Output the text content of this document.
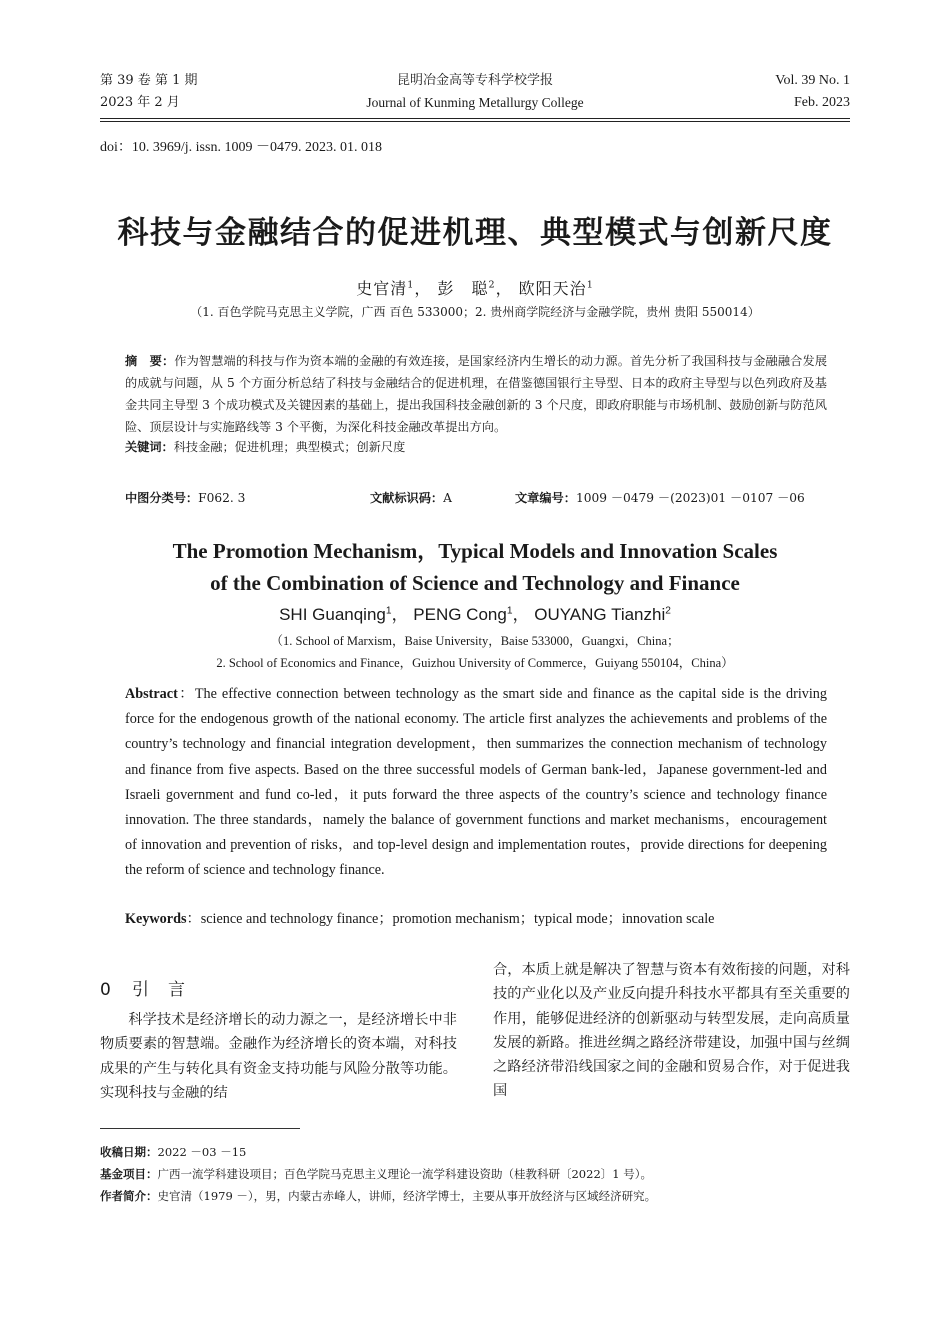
第 39 卷 第 1 期
2023 年 2 月
昆明冶金高等专科学校学报
Journal of Kunming Metallurgy College
Vol. 39 No. 1
Feb. 2023
doi：10. 3969/j. issn. 1009 －0479. 2023. 01. 018
科技与金融结合的促进机理、典型模式与创新尺度
史官清$^1$， 彭　聪$^2$， 欧阳天治$^1$
（1. 百色学院马克思主义学院，广西 百色 533000；2. 贵州商学院经济与金融学院，贵州 贵阳 550014）
摘　要：作为智慧端的科技与作为资本端的金融的有效连接，是国家经济内生增长的动力源。首先分析了我国科技与金融融合发展的成就与问题，从 5 个方面分析总结了科技与金融结合的促进机理，在借鉴德国银行主导型、日本的政府主导型与以色列政府及基金共同主导型 3 个成功模式及关键因素的基础上，提出我国科技金融创新的 3 个尺度，即政府职能与市场机制、鼓励创新与防范风险、顶层设计与实施路线等 3 个平衡，为深化科技金融改革提出方向。
关键词：科技金融；促进机理；典型模式；创新尺度
中图分类号：F062. 3	文献标识码：A	文章编号：1009 －0479 －(2023)01 －0107 －06
The Promotion Mechanism，Typical Models and Innovation Scales
of the Combination of Science and Technology and Finance
SHI Guanqing$^1$， PENG Cong$^1$， OUYANG Tianzhi$^2$
（1. School of Marxism，Baise University，Baise 533000，Guangxi，China；
2. School of Economics and Finance，Guizhou University of Commerce，Guiyang 550104，China）
Abstract：The effective connection between technology as the smart side and finance as the capital side is the driving force for the endogenous growth of the national economy. The article first analyzes the achievements and problems of the country’s technology and financial integration development，then summarizes the connection mechanism of technology and finance from five aspects. Based on the three successful models of German bank-led，Japanese government-led and Israeli government and fund co-led，it puts forward the three aspects of the country’s science and technology finance innovation. The three standards，namely the balance of government functions and market mechanisms，encouragement of innovation and prevention of risks，and top-level design and implementation routes，provide directions for deepening the reform of science and technology finance.
Keywords：science and technology finance；promotion mechanism；typical mode；innovation scale
0 引　言
科学技术是经济增长的动力源之一，是经济增长中非物质要素的智慧端。金融作为经济增长的资本端，对科技成果的产生与转化具有资金支持功能与风险分散等功能。实现科技与金融的结
合，本质上就是解决了智慧与资本有效衔接的问题，对科技的产业化以及产业反向提升科技水平都具有至关重要的作用，能够促进经济的创新驱动与转型发展，走向高质量发展的新路。推进丝绸之路经济带建设，加强中国与丝绸之路经济带沿线国家之间的金融和贸易合作，对于促进我国
收稿日期：2022 －03 －15
基金项目：广西一流学科建设项目；百色学院马克思主义理论一流学科建设资助（桂教科研〔2022〕1 号）。
作者简介：史官清（1979 －），男，内蒙古赤峰人，讲师，经济学博士，主要从事开放经济与区域经济研究。
